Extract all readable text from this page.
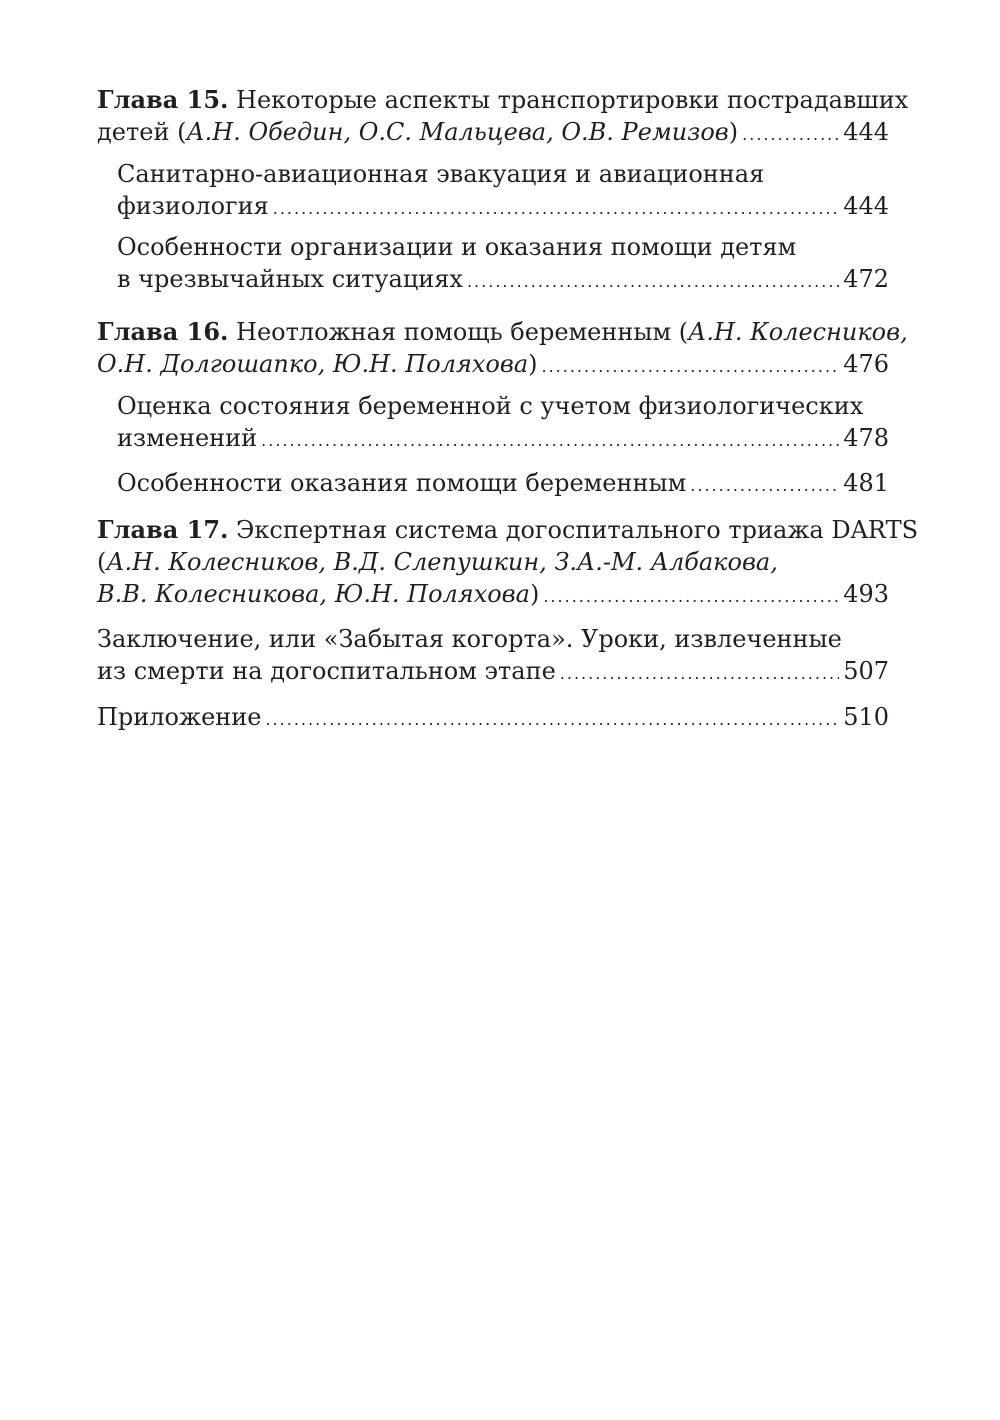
Глава 15. Некоторые аспекты транспортировки пострадавших
детей (А.Н. Обедин, О.С. Мальцева, О.В. Ремизов) .....	444
Санитарно-авиационная эвакуация и авиационная
физиология .....	444
Особенности организации и оказания помощи детям
в чрезвычайных ситуациях .....	472
Глава 16. Неотложная помощь беременным (А.Н. Колесников,
О.Н. Долгошапко, Ю.Н. Поляхова) .....	476
Оценка состояния беременной с учетом физиологических
изменений .....	478
Особенности оказания помощи беременным .....	481
Глава 17. Экспертная система догоспитального триажа DARTS
(А.Н. Колесников, В.Д. Слепушкин, З.А.-М. Албакова,
В.В. Колесникова, Ю.Н. Поляхова) .....	493
Заключение, или «Забытая когорта». Уроки, извлеченные
из смерти на догоспитальном этапе .....	507
Приложение .....	510
